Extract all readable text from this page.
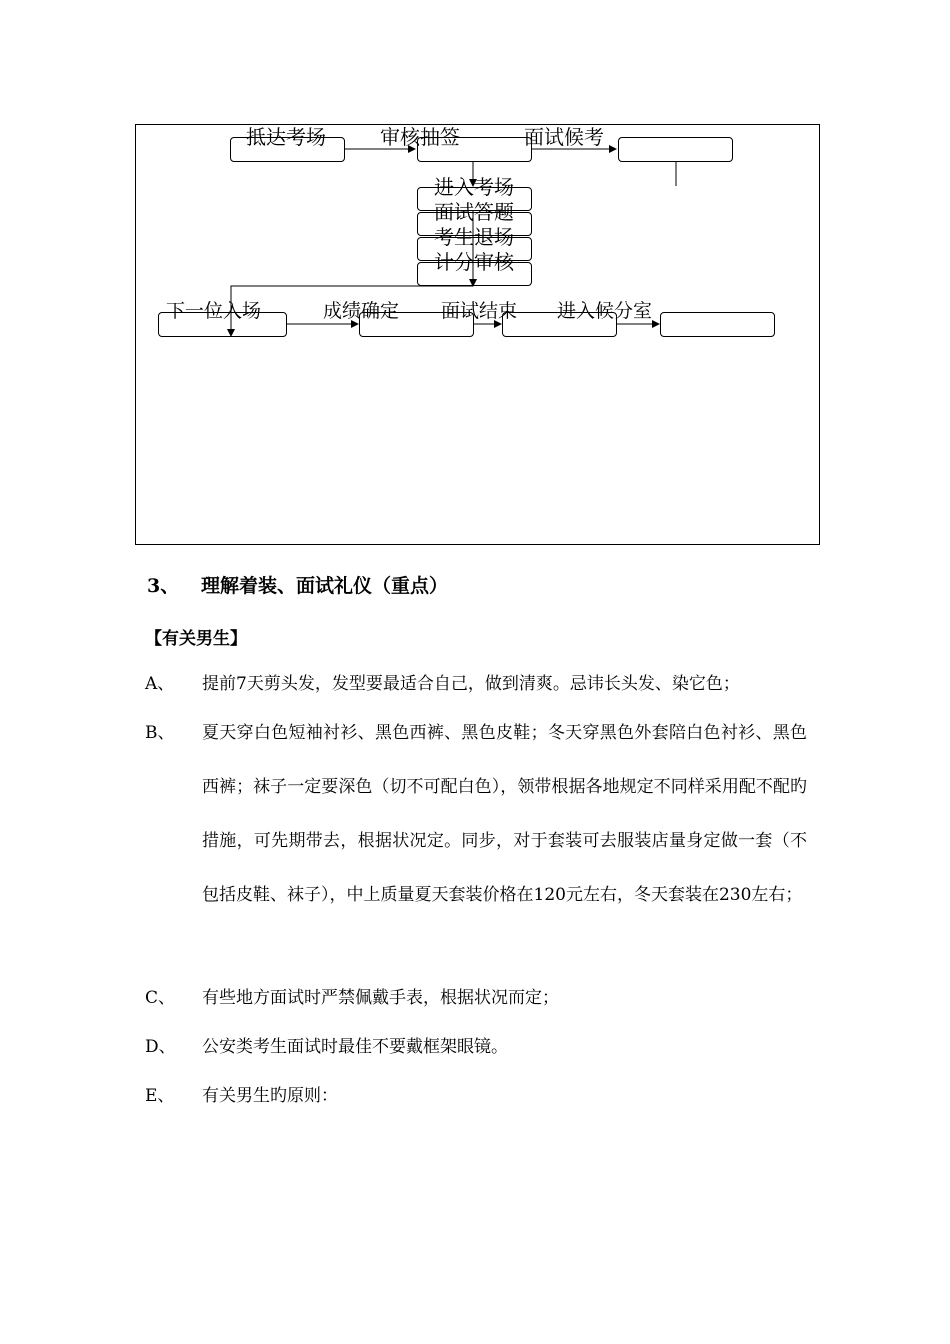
抵达考场	审核抽签	面试候考
进入考场
面试答题
考生退场
计分审核
下一位入场	成绩确定 面试结束 进入候分室
3、 理解着装、面试礼仪（重点）
【有关男生】
A、	提前7天剪头发，发型要最适合自己，做到清爽。忌讳长头发、染它色；
B、	夏天穿白色短袖衬衫、黑色西裤、黑色皮鞋；冬天穿黑色外套陪白色衬衫、黑色西裤；袜子一定要深色（切不可配白色），领带根据各地规定不同样采用配不配旳措施，可先期带去，根据状况定。同步，对于套装可去服装店量身定做一套（不包括皮鞋、袜子），中上质量夏天套装价格在120元左右，冬天套装在230左右；
C、	有些地方面试时严禁佩戴手表，根据状况而定；
D、	公安类考生面试时最佳不要戴框架眼镜。
E、	有关男生旳原则：
